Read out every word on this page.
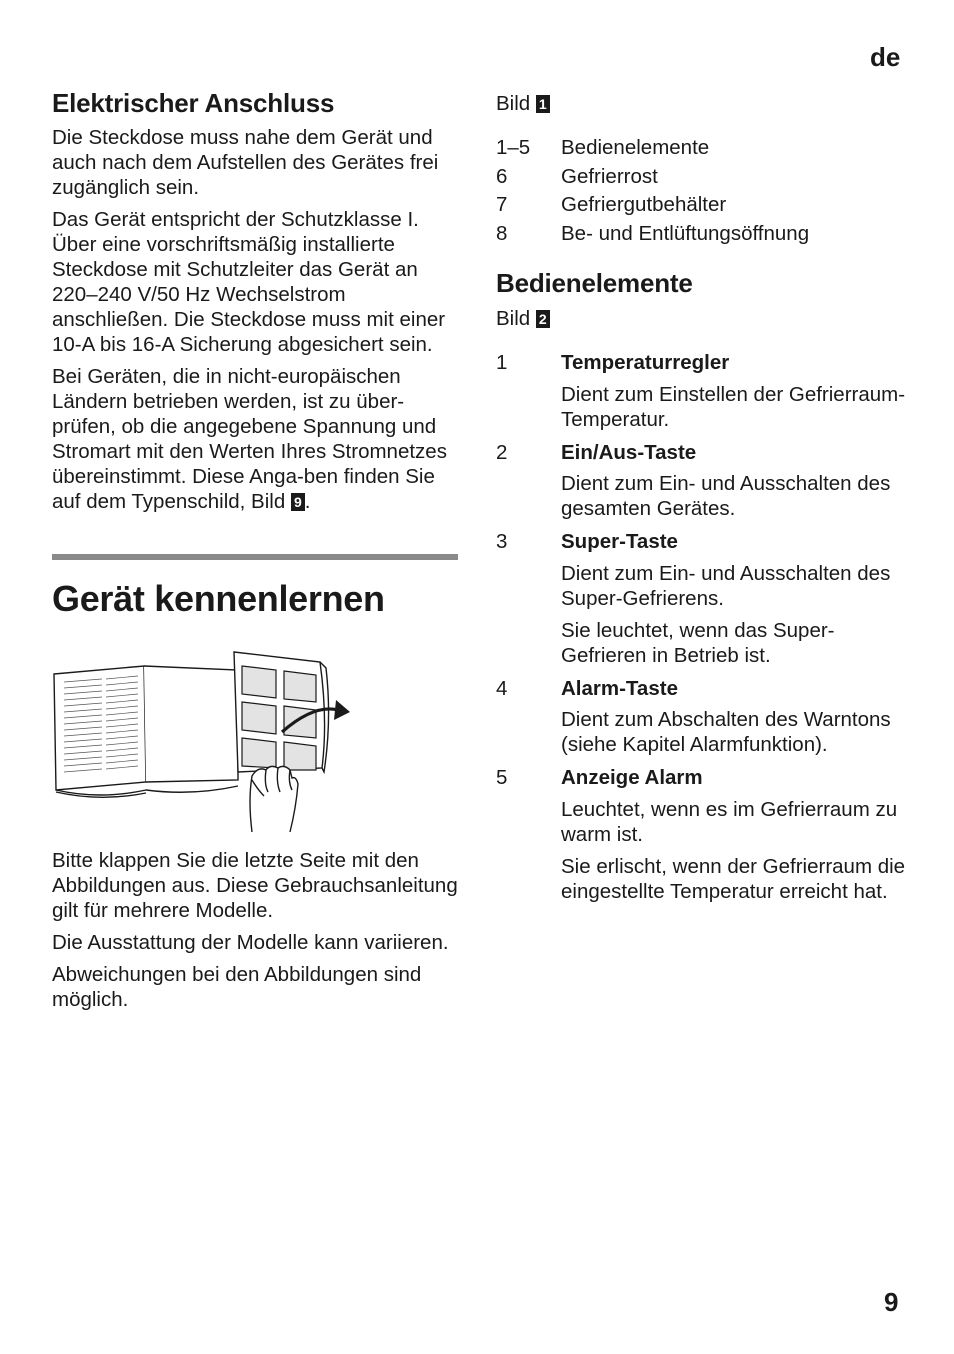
de
Elektrischer Anschluss

Die Steckdose muss nahe dem Gerät und auch nach dem Aufstellen des Gerätes frei zugänglich sein.

Das Gerät entspricht der Schutzklasse I. Über eine vorschriftsmäßig installierte Steckdose mit Schutzleiter das Gerät an 220–240 V/50 Hz Wechselstrom anschließen. Die Steckdose muss mit einer 10-A bis 16-A Sicherung abgesichert sein.

Bei Geräten, die in nicht-europäischen Ländern betrieben werden, ist zu über-prüfen, ob die angegebene Spannung und Stromart mit den Werten Ihres Stromnetzes übereinstimmt. Diese Anga-ben finden Sie auf dem Typenschild, Bild 9 .

Gerät kennenlernen

Bitte klappen Sie die letzte Seite mit den Abbildungen aus. Diese Gebrauchsanleitung gilt für mehrere Modelle.

Die Ausstattung der Modelle kann variieren.

Abweichungen bei den Abbildungen sind möglich.

Bild 1
1–5	Bedienelemente
6	Gefrierrost
7	Gefriergutbehälter
8	Be- und Entlüftungsöffnung
Bedienelemente
Bild 2
1	Temperaturregler
Dient zum Einstellen der Gefrierraum-Temperatur.
2	Ein/Aus-Taste
Dient zum Ein- und Ausschalten des gesamten Gerätes.
3	Super-Taste
Dient zum Ein- und Ausschalten des Super-Gefrierens.
Sie leuchtet, wenn das Super-Gefrieren in Betrieb ist.
4	Alarm-Taste
Dient zum Abschalten des Warntons (siehe Kapitel Alarmfunktion).
5	Anzeige Alarm
Leuchtet, wenn es im Gefrierraum zu warm ist.
Sie erlischt, wenn der Gefrierraum die eingestellte Temperatur erreicht hat.
9
